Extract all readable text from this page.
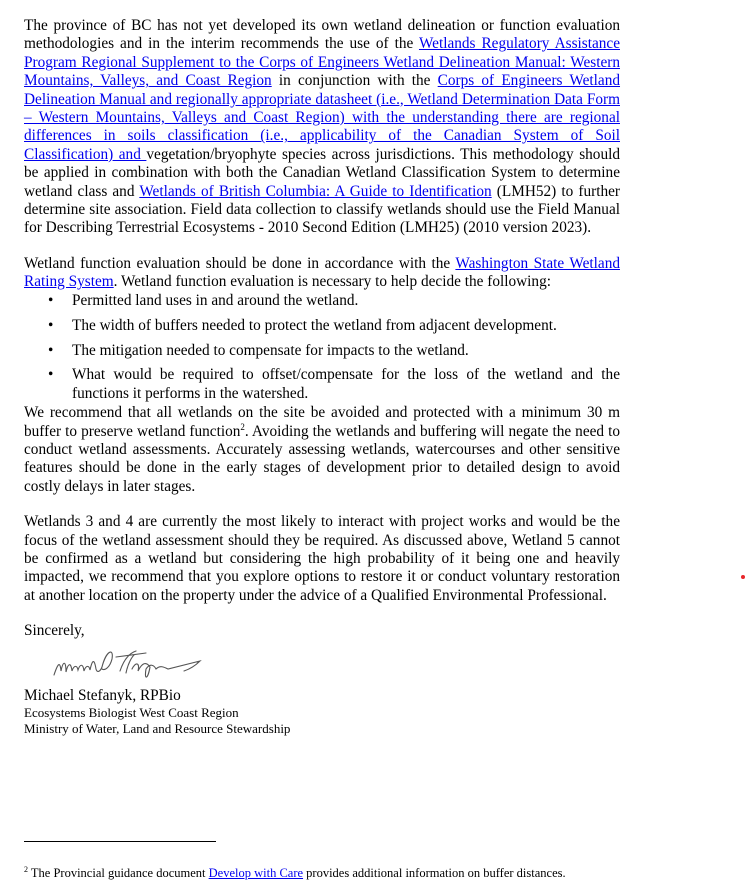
The province of BC has not yet developed its own wetland delineation or function evaluation methodologies and in the interim recommends the use of the Wetlands Regulatory Assistance Program Regional Supplement to the Corps of Engineers Wetland Delineation Manual: Western Mountains, Valleys, and Coast Region in conjunction with the Corps of Engineers Wetland Delineation Manual and regionally appropriate datasheet (i.e., Wetland Determination Data Form – Western Mountains, Valleys and Coast Region) with the understanding there are regional differences in soils classification (i.e., applicability of the Canadian System of Soil Classification) and vegetation/bryophyte species across jurisdictions. This methodology should be applied in combination with both the Canadian Wetland Classification System to determine wetland class and Wetlands of British Columbia: A Guide to Identification (LMH52) to further determine site association. Field data collection to classify wetlands should use the Field Manual for Describing Terrestrial Ecosystems - 2010 Second Edition (LMH25) (2010 version 2023).

Wetland function evaluation should be done in accordance with the Washington State Wetland Rating System. Wetland function evaluation is necessary to help decide the following:

• Permitted land uses in and around the wetland.
• The width of buffers needed to protect the wetland from adjacent development.
• The mitigation needed to compensate for impacts to the wetland.
• What would be required to offset/compensate for the loss of the wetland and the functions it performs in the watershed.

We recommend that all wetlands on the site be avoided and protected with a minimum 30 m buffer to preserve wetland function$^2$. Avoiding the wetlands and buffering will negate the need to conduct wetland assessments. Accurately assessing wetlands, watercourses and other sensitive features should be done in the early stages of development prior to detailed design to avoid costly delays in later stages.

Wetlands 3 and 4 are currently the most likely to interact with project works and would be the focus of the wetland assessment should they be required. As discussed above, Wetland 5 cannot be confirmed as a wetland but considering the high probability of it being one and heavily impacted, we recommend that you explore options to restore it or conduct voluntary restoration at another location on the property under the advice of a Qualified Environmental Professional.

Sincerely,

Michael Stefanyk, RPBio
Ecosystems Biologist West Coast Region
Ministry of Water, Land and Resource Stewardship
$^2$ The Provincial guidance document Develop with Care provides additional information on buffer distances.
